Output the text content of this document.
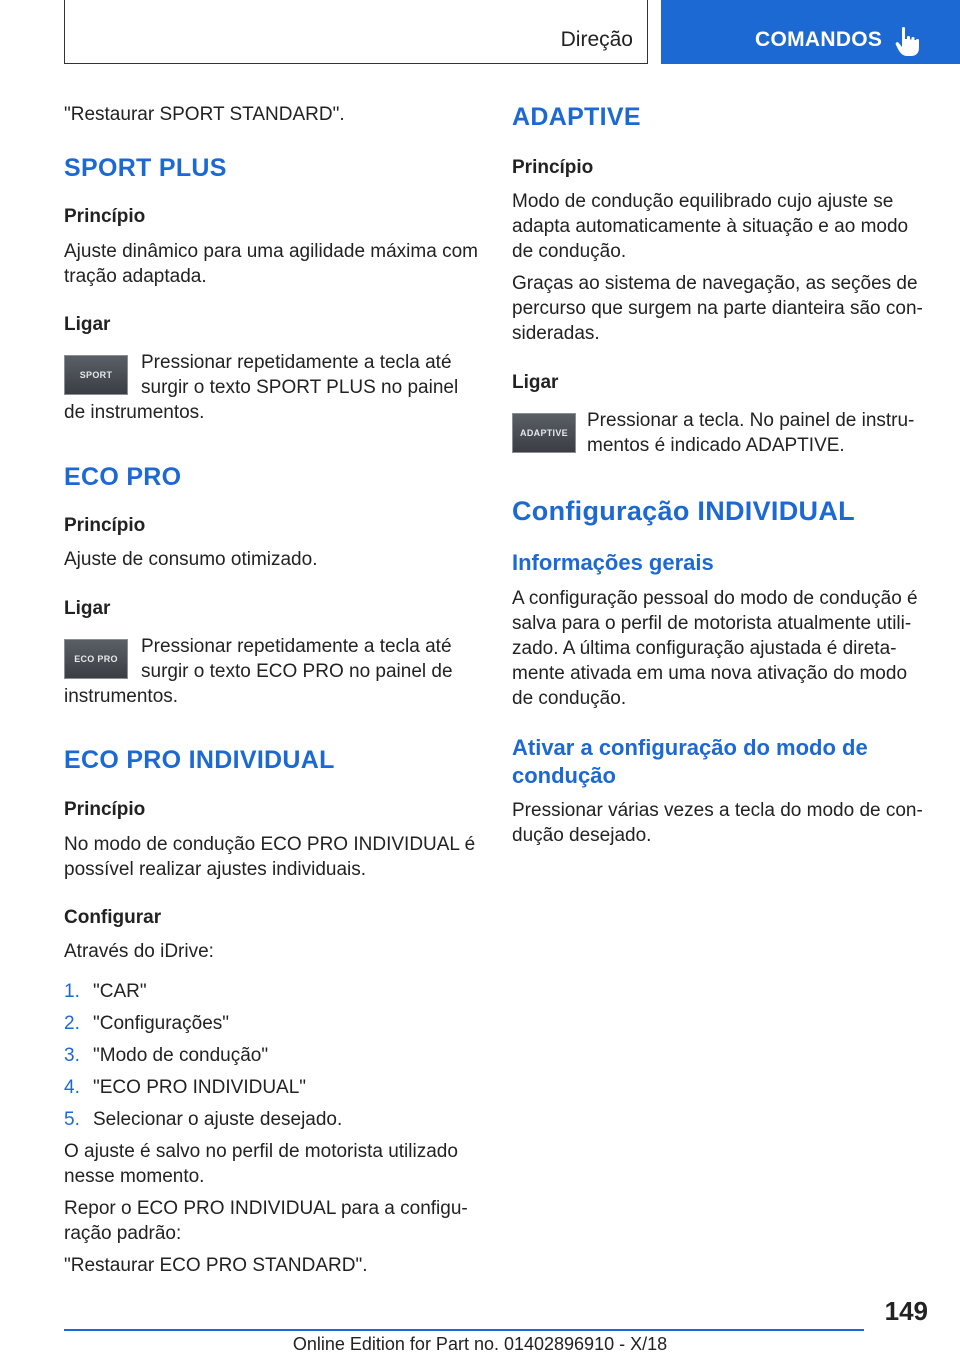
Direção	COMANDOS
"Restaurar SPORT STANDARD".
SPORT PLUS
Princípio
Ajuste dinâmico para uma agilidade máxima com
tração adaptada.
Ligar
SPORT
Pressionar repetidamente a tecla até
surgir o texto SPORT PLUS no painel
de instrumentos.
ECO PRO
Princípio
Ajuste de consumo otimizado.
Ligar
ECO PRO
Pressionar repetidamente a tecla até
surgir o texto ECO PRO no painel de
instrumentos.
ECO PRO INDIVIDUAL
Princípio
No modo de condução ECO PRO INDIVIDUAL é
possível realizar ajustes individuais.
Configurar
Através do iDrive:
1. "CAR"
2. "Configurações"
3. "Modo de condução"
4. "ECO PRO INDIVIDUAL"
5. Selecionar o ajuste desejado.
O ajuste é salvo no perfil de motorista utilizado
nesse momento.
Repor o ECO PRO INDIVIDUAL para a configu-
ração padrão:
"Restaurar ECO PRO STANDARD".
ADAPTIVE
Princípio
Modo de condução equilibrado cujo ajuste se
adapta automaticamente à situação e ao modo
de condução.
Graças ao sistema de navegação, as seções de
percurso que surgem na parte dianteira são con-
sideradas.
Ligar
ADAPTIVE
Pressionar a tecla. No painel de instru-
mentos é indicado ADAPTIVE.
Configuração INDIVIDUAL
Informações gerais
A configuração pessoal do modo de condução é
salva para o perfil de motorista atualmente utili-
zado. A última configuração ajustada é direta-
mente ativada em uma nova ativação do modo
de condução.
Ativar a configuração do modo de
condução
Pressionar várias vezes a tecla do modo de con-
dução desejado.
149
Online Edition for Part no. 01402896910 - X/18
